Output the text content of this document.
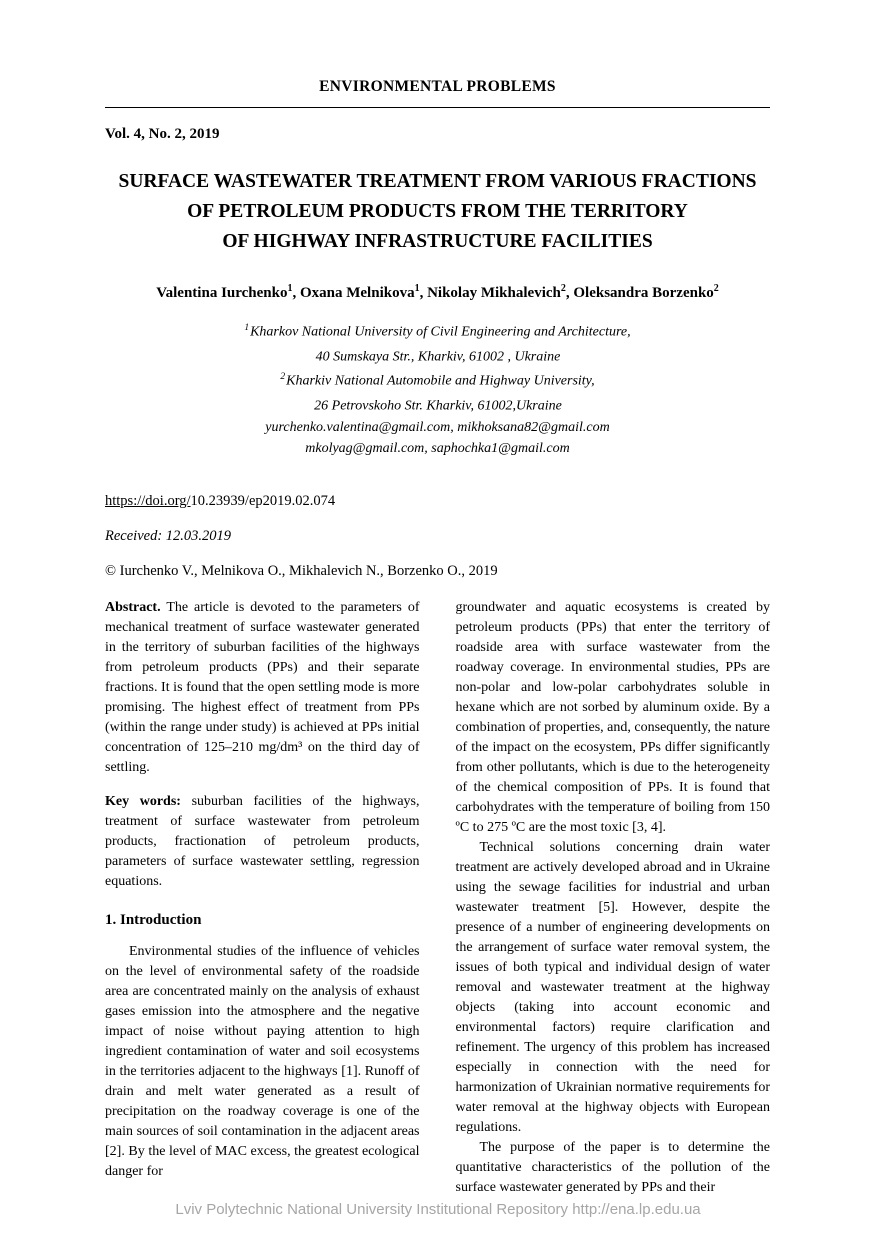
ENVIRONMENTAL PROBLEMS
Vol. 4, No. 2, 2019
SURFACE WASTEWATER TREATMENT FROM VARIOUS FRACTIONS
OF PETROLEUM PRODUCTS FROM THE TERRITORY
OF HIGHWAY INFRASTRUCTURE FACILITIES
Valentina Iurchenko$^1$, Oxana Melnikova$^1$, Nikolay Mikhalevich$^2$, Oleksandra Borzenko$^2$
$^1$Kharkov National University of Civil Engineering and Architecture,
40 Sumskaya Str., Kharkiv, 61002 , Ukraine
$^2$Kharkiv National Automobile and Highway University,
26 Petrovskoho Str. Kharkiv, 61002,Ukraine
yurchenko.valentina@gmail.com, mikhoksana82@gmail.com
mkolyag@gmail.com, saphochka1@gmail.com
https://doi.org/10.23939/ep2019.02.074
Received: 12.03.2019
© Iurchenko V., Melnikova O., Mikhalevich N., Borzenko O., 2019

Abstract. The article is devoted to the parameters of mechanical treatment of surface wastewater generated in the territory of suburban facilities of the highways from petroleum products (PPs) and their separate fractions. It is found that the open settling mode is more promising. The highest effect of treatment from PPs (within the range under study) is achieved at PPs initial concentration of 125–210 mg/dm³ on the third day of settling.

Key words: suburban facilities of the highways, treatment of surface wastewater from petroleum products, fractionation of petroleum products, parameters of surface wastewater settling, regression equations.

1. Introduction

Environmental studies of the influence of vehicles on the level of environmental safety of the roadside area are concentrated mainly on the analysis of exhaust gases emission into the atmosphere and the negative impact of noise without paying attention to high ingredient contamination of water and soil ecosystems in the territories adjacent to the highways [1]. Runoff of drain and melt water generated as a result of precipitation on the roadway coverage is one of the main sources of soil contamination in the adjacent areas [2]. By the level of MAC excess, the greatest ecological danger for

groundwater and aquatic ecosystems is created by petroleum products (PPs) that enter the territory of roadside area with surface wastewater from the roadway coverage. In environmental studies, PPs are non-polar and low-polar carbohydrates soluble in hexane which are not sorbed by aluminum oxide. By a combination of properties, and, consequently, the nature of the impact on the ecosystem, PPs differ significantly from other pollutants, which is due to the heterogeneity of the chemical composition of PPs. It is found that carbohydrates with the temperature of boiling from 150 ºC to 275 ºC are the most toxic [3, 4].

Technical solutions concerning drain water treatment are actively developed abroad and in Ukraine using the sewage facilities for industrial and urban wastewater treatment [5]. However, despite the presence of a number of engineering developments on the arrangement of surface water removal system, the issues of both typical and individual design of water removal and wastewater treatment at the highway objects (taking into account economic and environmental factors) require clarification and refinement. The urgency of this problem has increased especially in connection with the need for harmonization of Ukrainian normative requirements for water removal at the highway objects with European regulations.

The purpose of the paper is to determine the quantitative characteristics of the pollution of the surface wastewater generated by PPs and their

Lviv Polytechnic National University Institutional Repository http://ena.lp.edu.ua
